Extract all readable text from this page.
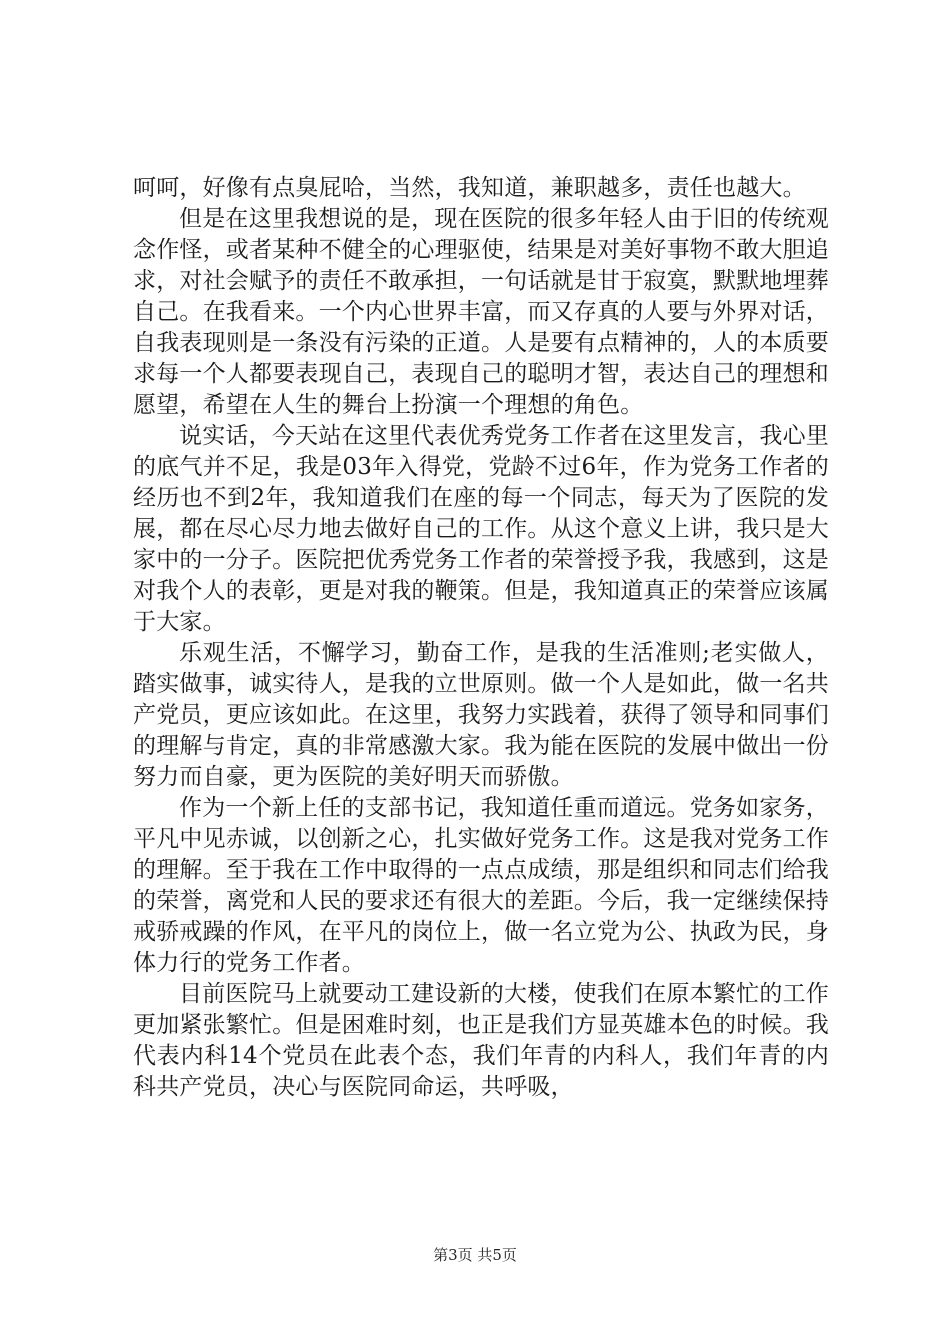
呵呵，好像有点臭屁哈，当然，我知道，兼职越多，责任也越大。

但是在这里我想说的是，现在医院的很多年轻人由于旧的传统观念作怪，或者某种不健全的心理驱使，结果是对美好事物不敢大胆追求，对社会赋予的责任不敢承担，一句话就是甘于寂寞，默默地埋葬自己。在我看来。一个内心世界丰富，而又存真的人要与外界对话，自我表现则是一条没有污染的正道。人是要有点精神的，人的本质要求每一个人都要表现自己，表现自己的聪明才智，表达自己的理想和愿望，希望在人生的舞台上扮演一个理想的角色。

说实话，今天站在这里代表优秀党务工作者在这里发言，我心里的底气并不足，我是03年入得党，党龄不过6年，作为党务工作者的经历也不到2年，我知道我们在座的每一个同志，每天为了医院的发展，都在尽心尽力地去做好自己的工作。从这个意义上讲，我只是大家中的一分子。医院把优秀党务工作者的荣誉授予我，我感到，这是对我个人的表彰，更是对我的鞭策。但是，我知道真正的荣誉应该属于大家。

乐观生活，不懈学习，勤奋工作，是我的生活准则;老实做人，踏实做事，诚实待人，是我的立世原则。做一个人是如此，做一名共产党员，更应该如此。在这里，我努力实践着，获得了领导和同事们的理解与肯定，真的非常感激大家。我为能在医院的发展中做出一份努力而自豪，更为医院的美好明天而骄傲。

作为一个新上任的支部书记，我知道任重而道远。党务如家务，平凡中见赤诚，以创新之心，扎实做好党务工作。这是我对党务工作的理解。至于我在工作中取得的一点点成绩，那是组织和同志们给我的荣誉，离党和人民的要求还有很大的差距。今后，我一定继续保持戒骄戒躁的作风，在平凡的岗位上，做一名立党为公、执政为民，身体力行的党务工作者。

目前医院马上就要动工建设新的大楼，使我们在原本繁忙的工作更加紧张繁忙。但是困难时刻，也正是我们方显英雄本色的时候。我代表内科14个党员在此表个态，我们年青的内科人，我们年青的内科共产党员，决心与医院同命运，共呼吸，

第3页 共5页
